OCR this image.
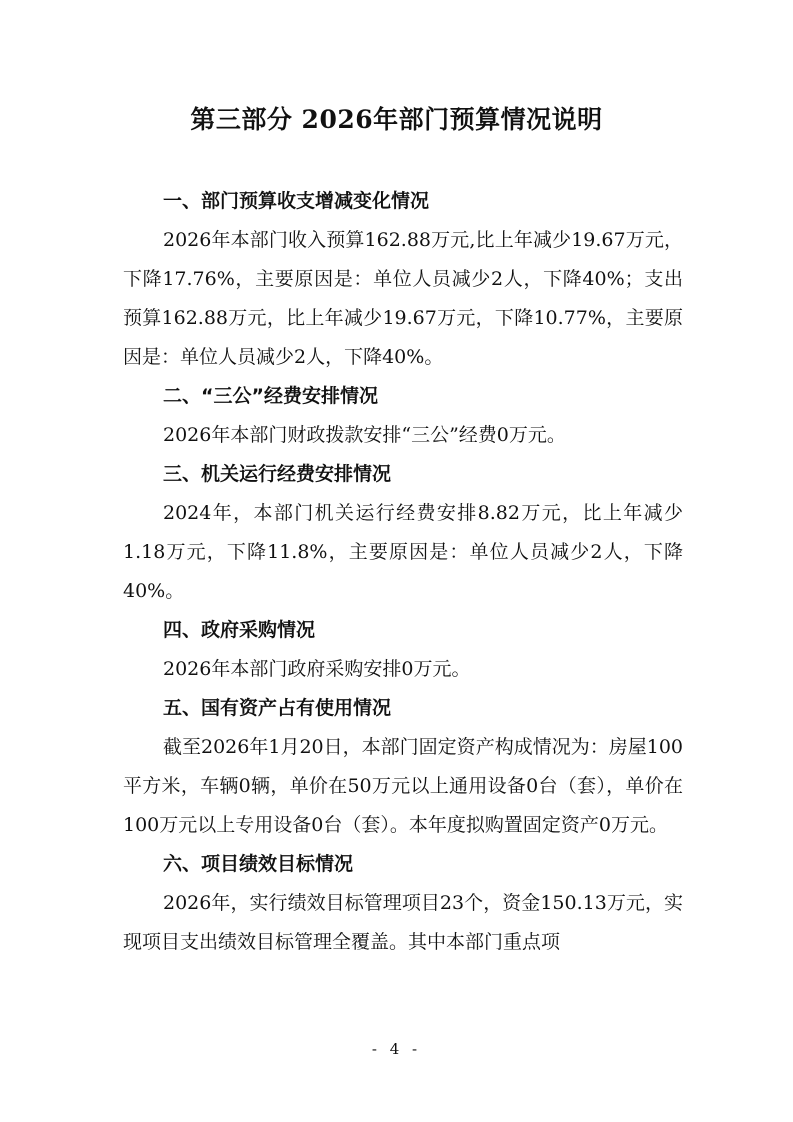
第三部分 2026年部门预算情况说明
一、部门预算收支增减变化情况
2026年本部门收入预算162.88万元,比上年减少19.67万元，下降17.76%，主要原因是：单位人员减少2人，下降40%；支出预算162.88万元，比上年减少19.67万元，下降10.77%，主要原因是：单位人员减少2人，下降40%。
二、“三公”经费安排情况
2026年本部门财政拨款安排“三公”经费0万元。
三、机关运行经费安排情况
2024年，本部门机关运行经费安排8.82万元，比上年减少1.18万元，下降11.8%，主要原因是：单位人员减少2人，下降40%。
四、政府采购情况
2026年本部门政府采购安排0万元。
五、国有资产占有使用情况
截至2026年1月20日，本部门固定资产构成情况为：房屋100平方米，车辆0辆，单价在50万元以上通用设备0台（套），单价在100万元以上专用设备0台（套）。本年度拟购置固定资产0万元。
六、项目绩效目标情况
2026年，实行绩效目标管理项目23个，资金150.13万元，实现项目支出绩效目标管理全覆盖。其中本部门重点项
- 4 -
